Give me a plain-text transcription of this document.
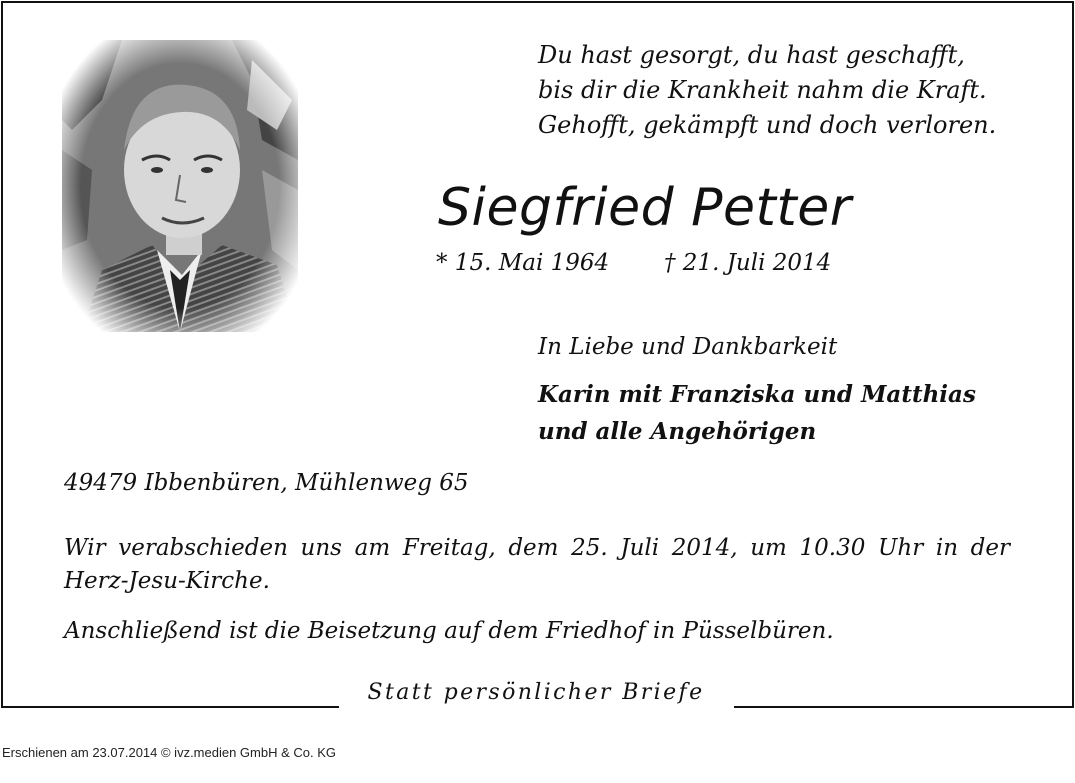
Du hast gesorgt, du hast geschafft,
bis dir die Krankheit nahm die Kraft.
Gehofft, gekämpft und doch verloren.
Siegfried Petter
* 15. Mai 1964 † 21. Juli 2014
In Liebe und Dankbarkeit
Karin mit Franziska und Matthias
und alle Angehörigen
49479 Ibbenbüren, Mühlenweg 65
Wir verabschieden uns am Freitag, dem 25. Juli 2014, um 10.30 Uhr in der Herz-Jesu-Kirche.
Anschließend ist die Beisetzung auf dem Friedhof in Püsselbüren.
Statt persönlicher Briefe
Erschienen am 23.07.2014 © ivz.medien GmbH & Co. KG
